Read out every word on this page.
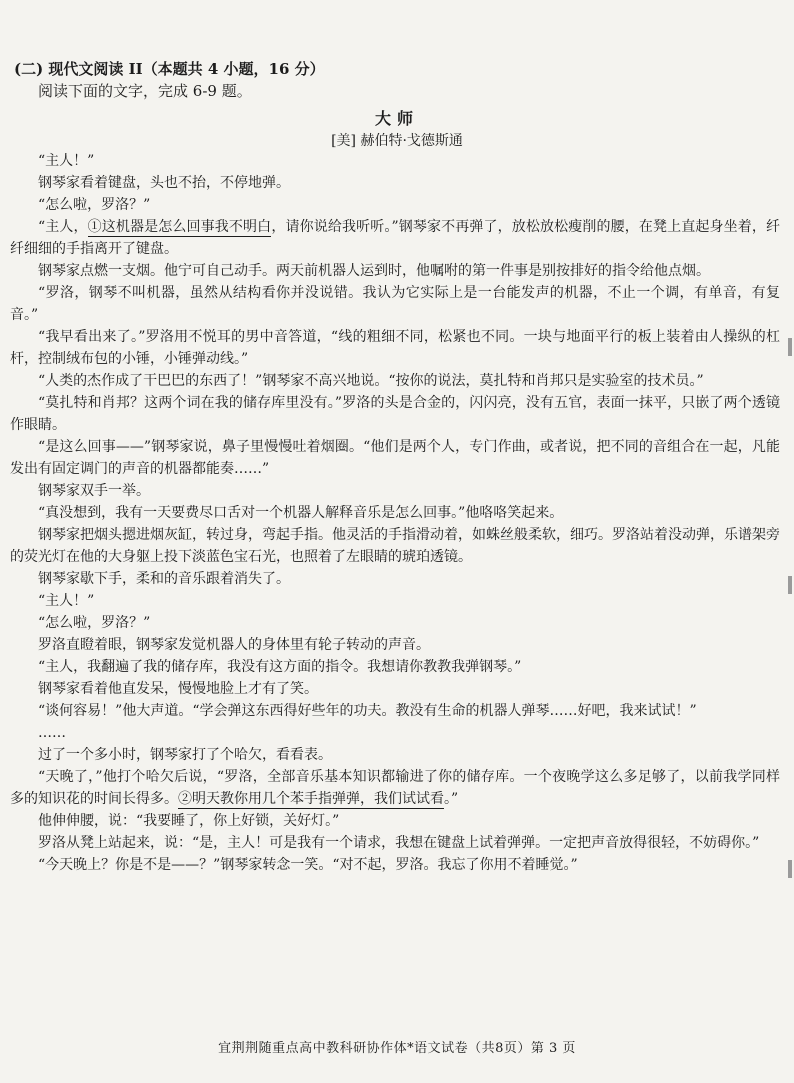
(二) 现代文阅读 II（本题共 4 小题，16 分）
阅读下面的文字，完成 6-9 题。
大师
[美] 赫伯特·戈德斯通

“主人！”

钢琴家看着键盘，头也不抬，不停地弹。

“怎么啦，罗洛？”

“主人，①这机器是怎么回事我不明白，请你说给我听听。”钢琴家不再弹了，放松放松瘦削的腰，在凳上直起身坐着，纤纤细细的手指离开了键盘。

钢琴家点燃一支烟。他宁可自己动手。两天前机器人运到时，他嘱咐的第一件事是别按排好的指令给他点烟。

“罗洛，钢琴不叫机器，虽然从结构看你并没说错。我认为它实际上是一台能发声的机器，不止一个调，有单音，有复音。”

“我早看出来了。”罗洛用不悦耳的男中音答道，“线的粗细不同，松紧也不同。一块与地面平行的板上装着由人操纵的杠杆，控制绒布包的小锤，小锤弹动线。”

“人类的杰作成了干巴巴的东西了！”钢琴家不高兴地说。“按你的说法，莫扎特和肖邦只是实验室的技术员。”

“莫扎特和肖邦？这两个词在我的储存库里没有。”罗洛的头是合金的，闪闪亮，没有五官，表面一抹平，只嵌了两个透镜作眼睛。

“是这么回事——”钢琴家说，鼻子里慢慢吐着烟圈。“他们是两个人，专门作曲，或者说，把不同的音组合在一起，凡能发出有固定调门的声音的机器都能奏……”

钢琴家双手一举。

“真没想到，我有一天要费尽口舌对一个机器人解释音乐是怎么回事。”他咯咯笑起来。

钢琴家把烟头摁进烟灰缸，转过身，弯起手指。他灵活的手指滑动着，如蛛丝般柔软，细巧。罗洛站着没动弹，乐谱架旁的荧光灯在他的大身躯上投下淡蓝色宝石光，也照着了左眼睛的琥珀透镜。

钢琴家歇下手，柔和的音乐跟着消失了。

“主人！”

“怎么啦，罗洛？”

罗洛直瞪着眼，钢琴家发觉机器人的身体里有轮子转动的声音。

“主人，我翻遍了我的储存库，我没有这方面的指令。我想请你教教我弹钢琴。”

钢琴家看着他直发呆，慢慢地脸上才有了笑。

“谈何容易！”他大声道。“学会弹这东西得好些年的功夫。教没有生命的机器人弹琴……好吧，我来试试！”

……

过了一个多小时，钢琴家打了个哈欠，看看表。

“天晚了，”他打个哈欠后说，“罗洛，全部音乐基本知识都输进了你的储存库。一个夜晚学这么多足够了，以前我学同样多的知识花的时间长得多。②明天教你用几个苯手指弹弹，我们试试看。”

他伸伸腰，说：“我要睡了，你上好锁，关好灯。”

罗洛从凳上站起来，说：“是，主人！可是我有一个请求，我想在键盘上试着弹弹。一定把声音放得很轻，不妨碍你。”

“今天晚上？你是不是——？”钢琴家转念一笑。“对不起，罗洛。我忘了你用不着睡觉。”

宜荆荆随重点高中教科研协作体*语文试卷（共8页）第 3 页
